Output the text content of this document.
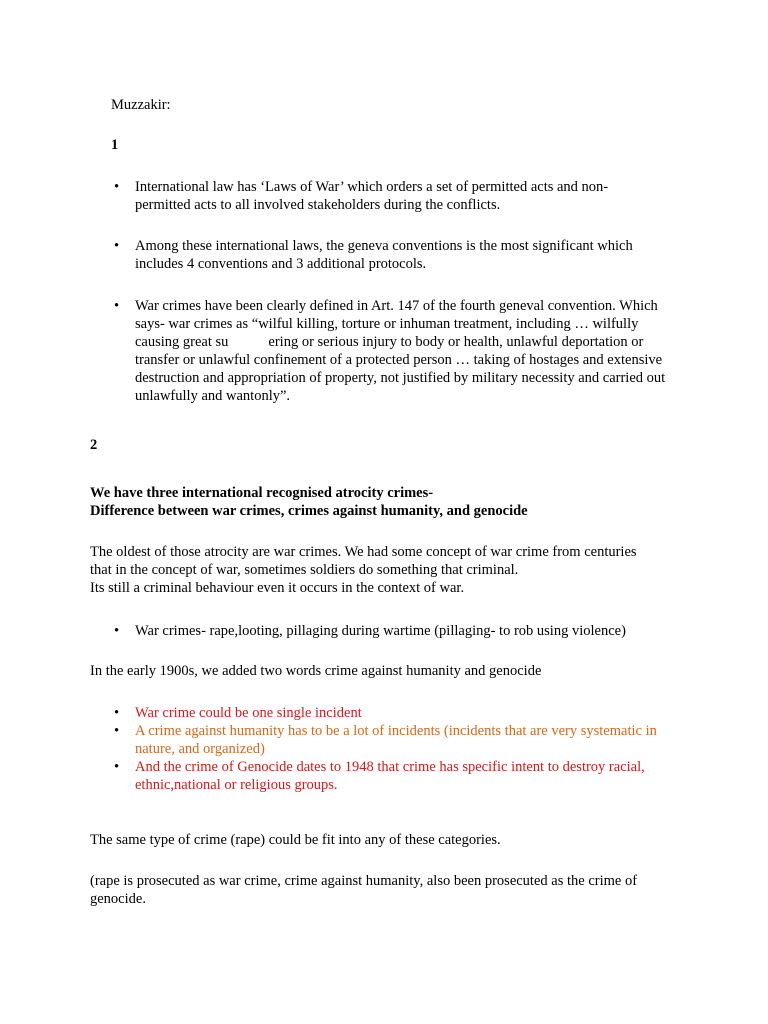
Muzzakir:

1

• International law has ‘Laws of War’ which orders a set of permitted acts and non-permitted acts to all involved stakeholders during the conflicts.
• Among these international laws, the geneva conventions is the most significant which includes 4 conventions and 3 additional protocols.
• War crimes have been clearly defined in Art. 147 of the fourth geneval convention. Which says- war crimes as “wilful killing, torture or inhuman treatment, including … wilfully causing great su	ering or serious injury to body or health, unlawful deportation or transfer or unlawful confinement of a protected person … taking of hostages and extensive destruction and appropriation of property, not justified by military necessity and carried out unlawfully and wantonly”.

2

We have three international recognised atrocity crimes-

Difference between war crimes, crimes against humanity, and genocide

The oldest of those atrocity are war crimes. We had some concept of war crime from centuries

that in the concept of war, sometimes soldiers do something that criminal.

Its still a criminal behaviour even it occurs in the context of war.

• War crimes- rape,looting, pillaging during wartime (pillaging- to rob using violence)

In the early 1900s, we added two words crime against humanity and genocide

• War crime could be one single incident
• A crime against humanity has to be a lot of incidents (incidents that are very systematic in nature, and organized)
• And the crime of Genocide dates to 1948 that crime has specific intent to destroy racial, ethnic,national or religious groups.

The same type of crime (rape) could be fit into any of these categories.

(rape is prosecuted as war crime, crime against humanity, also been prosecuted as the crime of genocide.
